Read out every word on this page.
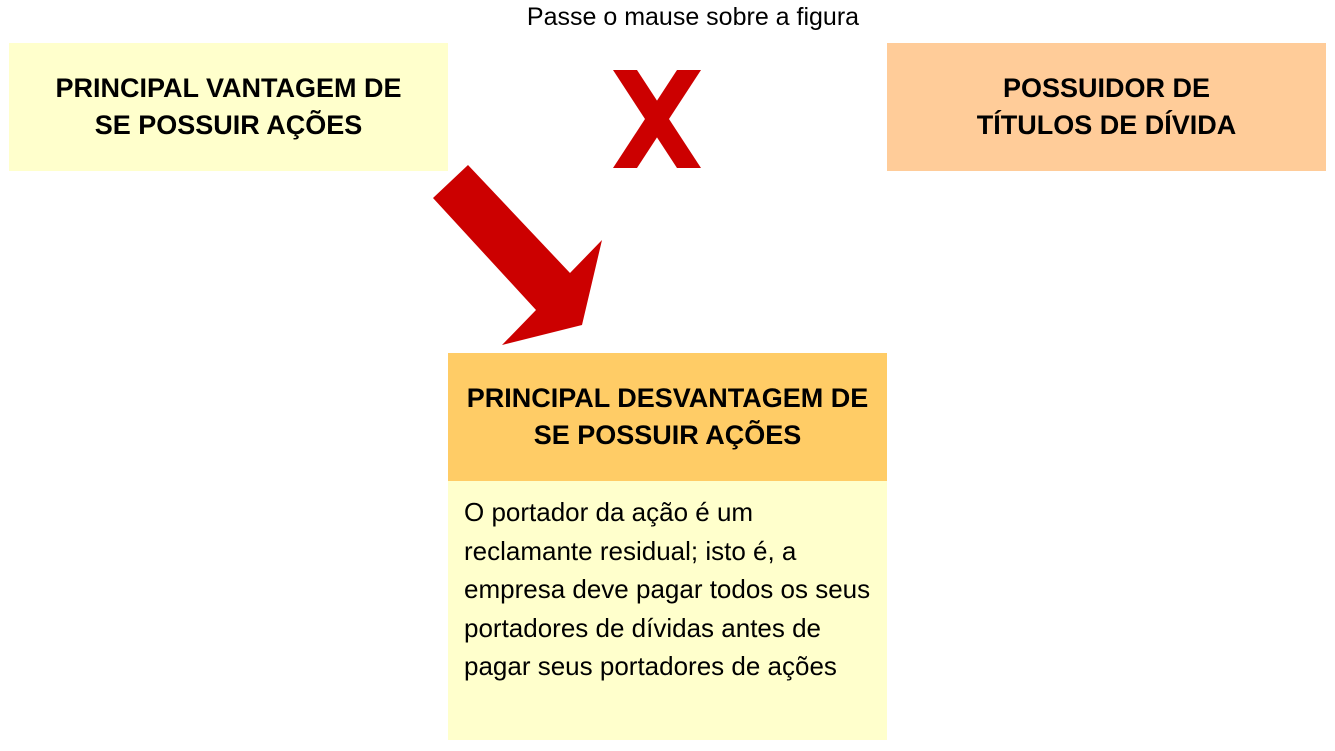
Passe o mause sobre a figura
PRINCIPAL VANTAGEM DE SE POSSUIR AÇÕES
POSSUIDOR DE TÍTULOS DE DÍVIDA
PRINCIPAL DESVANTAGEM DE SE POSSUIR AÇÕES
O portador da ação é um reclamante residual; isto é, a empresa deve pagar todos os seus portadores de dívidas antes de pagar seus portadores de ações
